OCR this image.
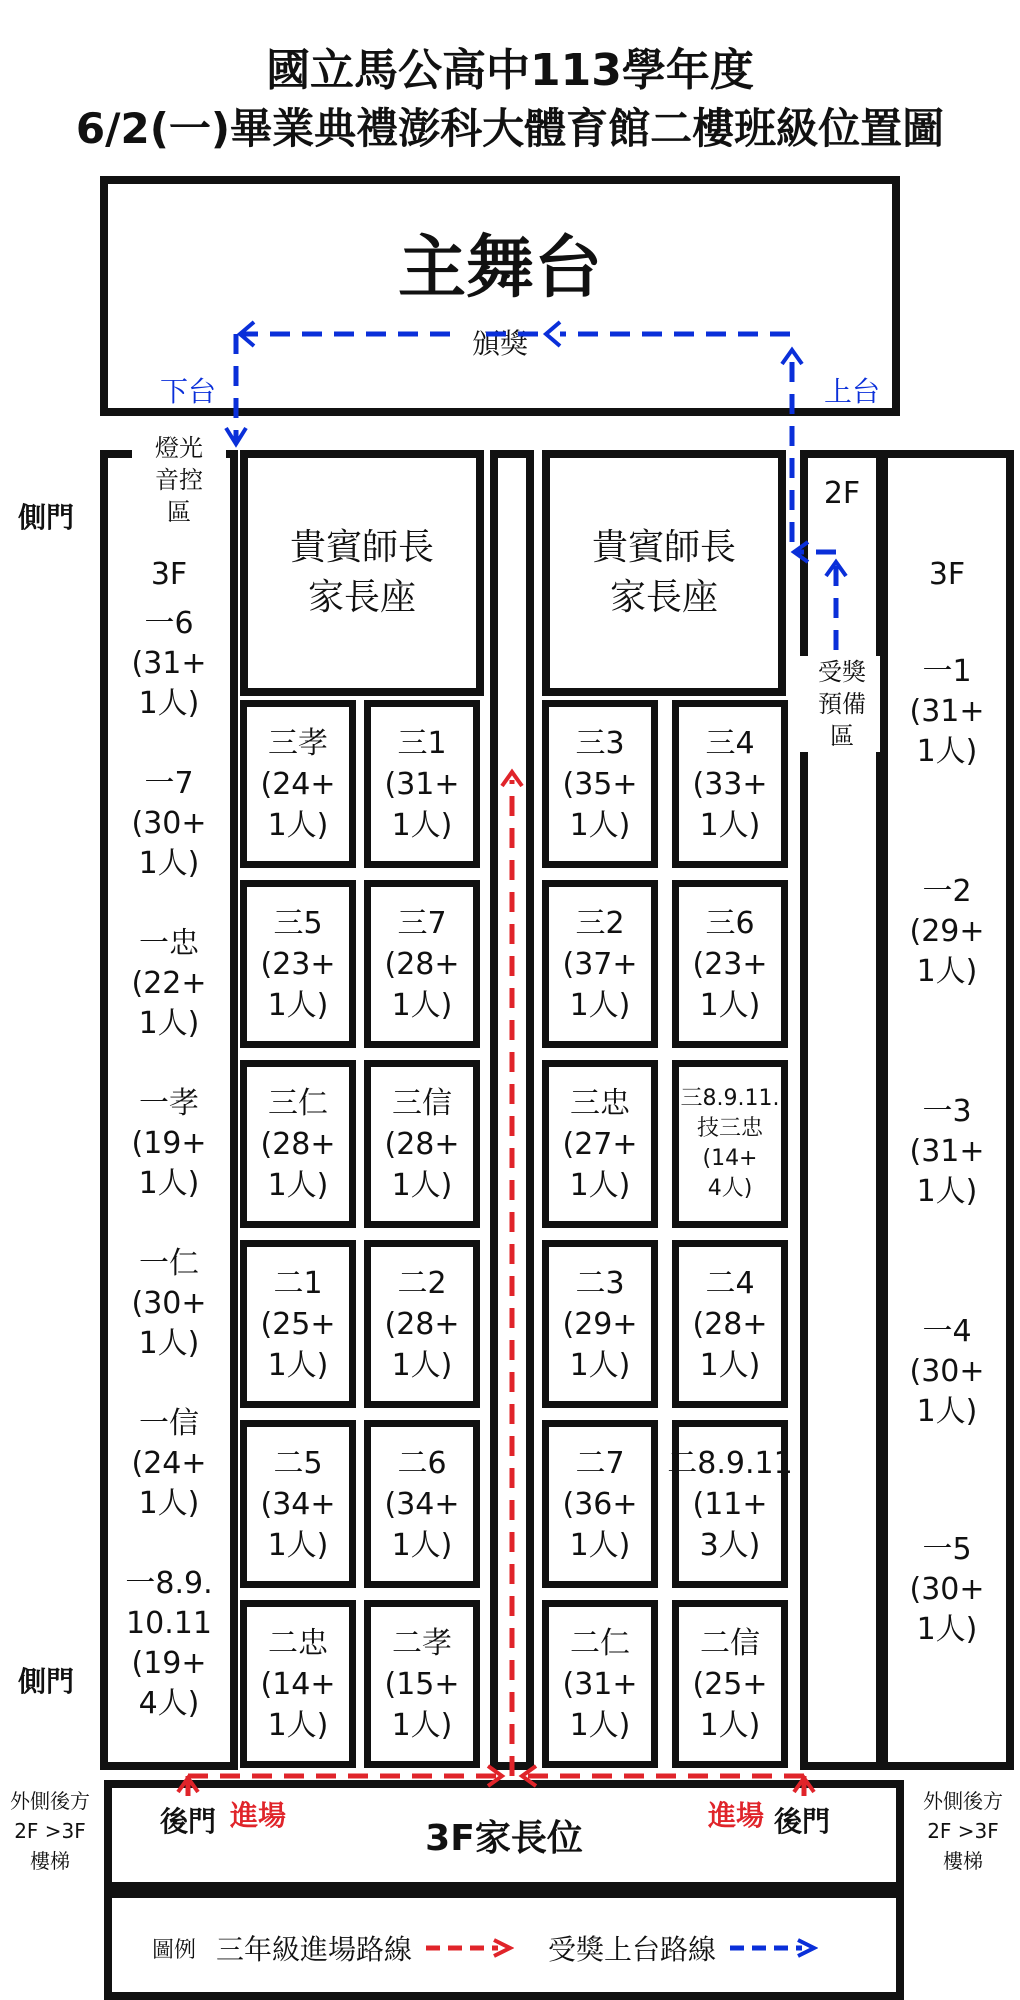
國立馬公高中113學年度
6/2(一)畢業典禮澎科大體育館二樓班級位置圖
主舞台
頒獎
下台	上台
燈光
音控
區
側門
側門
3F
一6
(31+
1人)
一7
(30+
1人)
一忠
(22+
1人)
一孝
(19+
1人)
一仁
(30+
1人)
一信
(24+
1人)
一8.9.
10.11
(19+
4人)
貴賓師長
家長座
貴賓師長
家長座
2F
受獎
預備
區
3F
一1
(31+
1人)
一2
(29+
1人)
一3
(31+
1人)
一4
(30+
1人)
一5
(30+
1人)
三孝
(24+
1人)
三1
(31+
1人)
三3
(35+
1人)
三4
(33+
1人)
三5
(23+
1人)
三7
(28+
1人)
三2
(37+
1人)
三6
(23+
1人)
三仁
(28+
1人)
三信
(28+
1人)
三忠
(27+
1人)
三8.9.11.
技三忠
(14+
4人)
二1
(25+
1人)
二2
(28+
1人)
二3
(29+
1人)
二4
(28+
1人)
二5
(34+
1人)
二6
(34+
1人)
二7
(36+
1人)
二8.9.11
(11+
3人)
二忠
(14+
1人)
二孝
(15+
1人)
二仁
(31+
1人)
二信
(25+
1人)
3F家長位
後門 進場	進場 後門
外側後方
2F >3F
樓梯
外側後方
2F >3F
樓梯
圖例 三年級進場路線	受獎上台路線
